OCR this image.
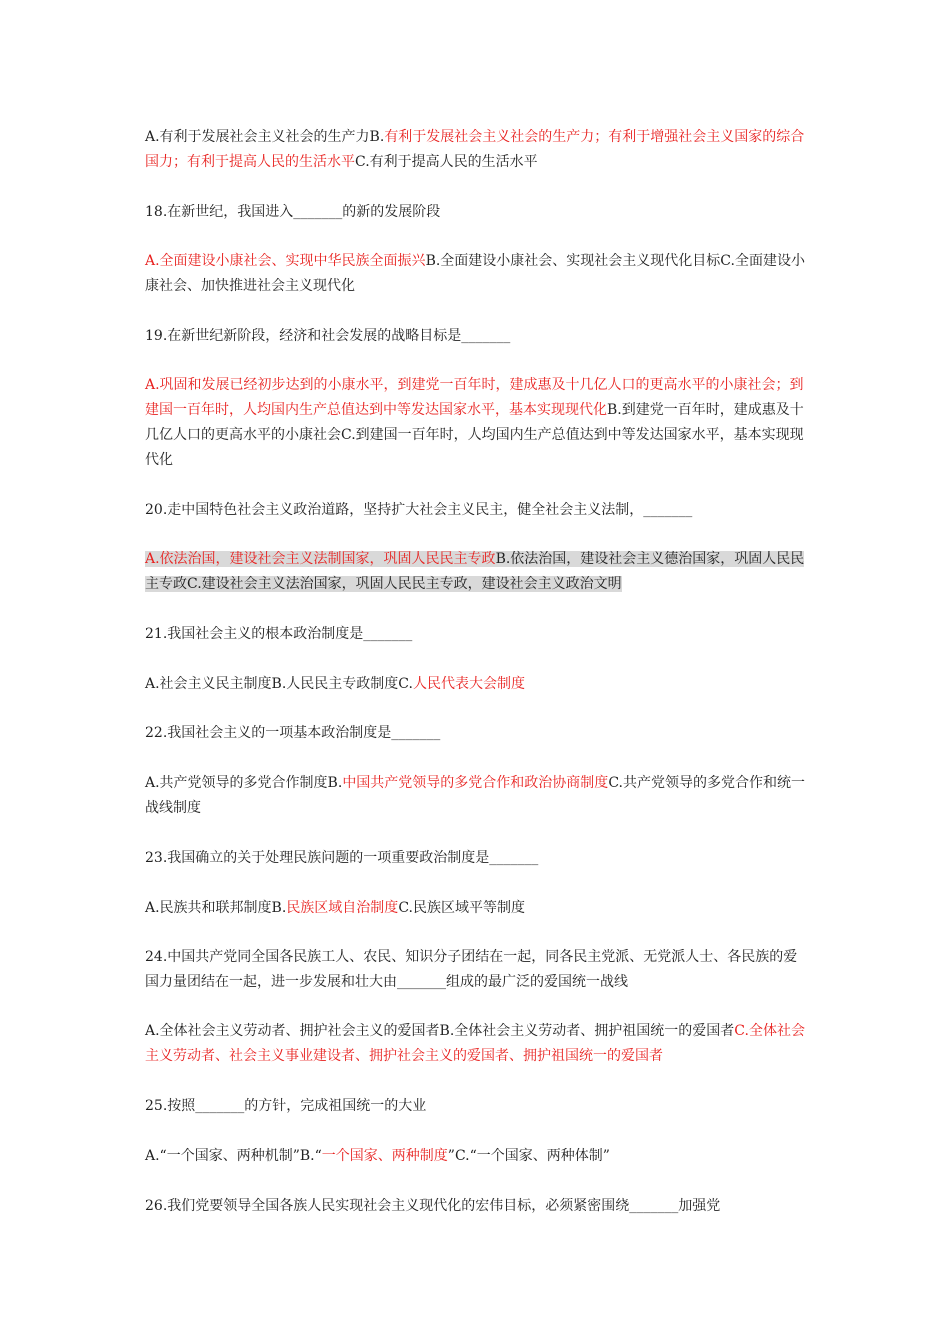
A.有利于发展社会主义社会的生产力B.有利于发展社会主义社会的生产力；有利于增强社会主义国家的综合国力；有利于提高人民的生活水平C.有利于提高人民的生活水平

18.在新世纪，我国进入_______的新的发展阶段

A.全面建设小康社会、实现中华民族全面振兴B.全面建设小康社会、实现社会主义现代化目标C.全面建设小康社会、加快推进社会主义现代化

19.在新世纪新阶段，经济和社会发展的战略目标是_______

A.巩固和发展已经初步达到的小康水平，到建党一百年时，建成惠及十几亿人口的更高水平的小康社会；到建国一百年时，人均国内生产总值达到中等发达国家水平，基本实现现代化B.到建党一百年时，建成惠及十几亿人口的更高水平的小康社会C.到建国一百年时，人均国内生产总值达到中等发达国家水平，基本实现现代化

20.走中国特色社会主义政治道路，坚持扩大社会主义民主，健全社会主义法制，_______

A.依法治国，建设社会主义法制国家，巩固人民民主专政B.依法治国，建设社会主义德治国家，巩固人民民主专政C.建设社会主义法治国家，巩固人民民主专政，建设社会主义政治文明

21.我国社会主义的根本政治制度是_______

A.社会主义民主制度B.人民民主专政制度C.人民代表大会制度

22.我国社会主义的一项基本政治制度是_______

A.共产党领导的多党合作制度B.中国共产党领导的多党合作和政治协商制度C.共产党领导的多党合作和统一战线制度

23.我国确立的关于处理民族问题的一项重要政治制度是_______

A.民族共和联邦制度B.民族区域自治制度C.民族区域平等制度

24.中国共产党同全国各民族工人、农民、知识分子团结在一起，同各民主党派、无党派人士、各民族的爱国力量团结在一起，进一步发展和壮大由_______组成的最广泛的爱国统一战线

A.全体社会主义劳动者、拥护社会主义的爱国者B.全体社会主义劳动者、拥护祖国统一的爱国者C.全体社会主义劳动者、社会主义事业建设者、拥护社会主义的爱国者、拥护祖国统一的爱国者

25.按照_______的方针，完成祖国统一的大业

A.“一个国家、两种机制”B.“一个国家、两种制度”C.“一个国家、两种体制”

26.我们党要领导全国各族人民实现社会主义现代化的宏伟目标，必须紧密围绕_______加强党
